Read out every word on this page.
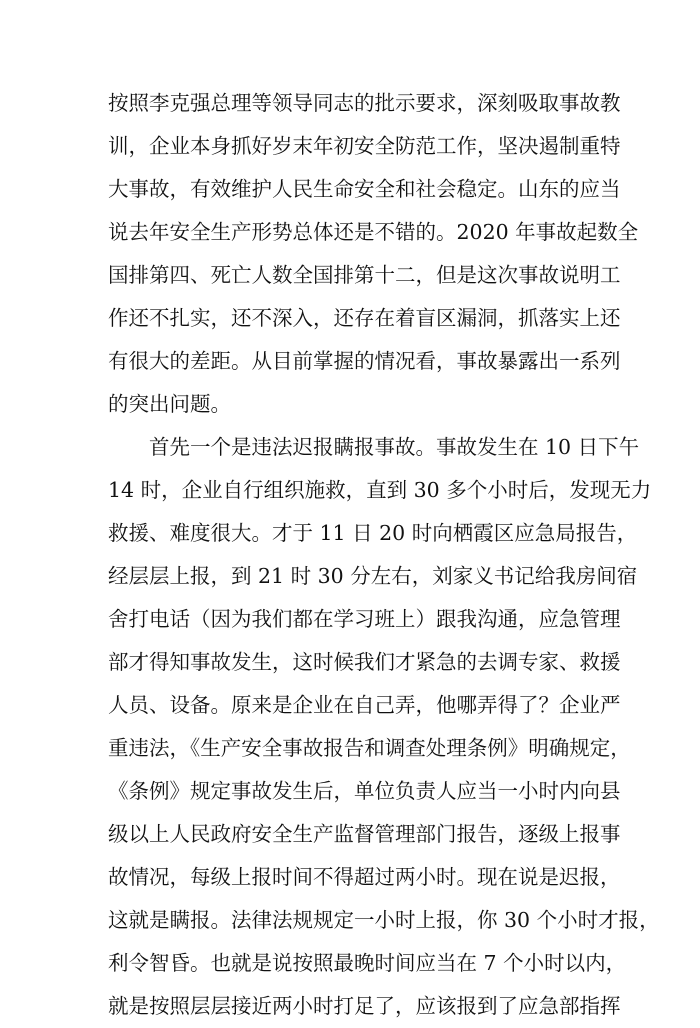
按照李克强总理等领导同志的批示要求，深刻吸取事故教
训，企业本身抓好岁末年初安全防范工作，坚决遏制重特
大事故，有效维护人民生命安全和社会稳定。山东的应当
说去年安全生产形势总体还是不错的。2020 年事故起数全
国排第四、死亡人数全国排第十二，但是这次事故说明工
作还不扎实，还不深入，还存在着盲区漏洞，抓落实上还
有很大的差距。从目前掌握的情况看，事故暴露出一系列
的突出问题。
首先一个是违法迟报瞒报事故。事故发生在 10 日下午
14 时，企业自行组织施救，直到 30 多个小时后，发现无力
救援、难度很大。才于 11 日 20 时向栖霞区应急局报告，
经层层上报，到 21 时 30 分左右，刘家义书记给我房间宿
舍打电话（因为我们都在学习班上）跟我沟通，应急管理
部才得知事故发生，这时候我们才紧急的去调专家、救援
人员、设备。原来是企业在自己弄，他哪弄得了？企业严
重违法，《生产安全事故报告和调查处理条例》明确规定，
《条例》规定事故发生后，单位负责人应当一小时内向县
级以上人民政府安全生产监督管理部门报告，逐级上报事
故情况，每级上报时间不得超过两小时。现在说是迟报，
这就是瞒报。法律法规规定一小时上报，你 30 个小时才报，
利令智昏。也就是说按照最晚时间应当在 7 个小时以内，
就是按照层层接近两小时打足了，应该报到了应急部指挥
